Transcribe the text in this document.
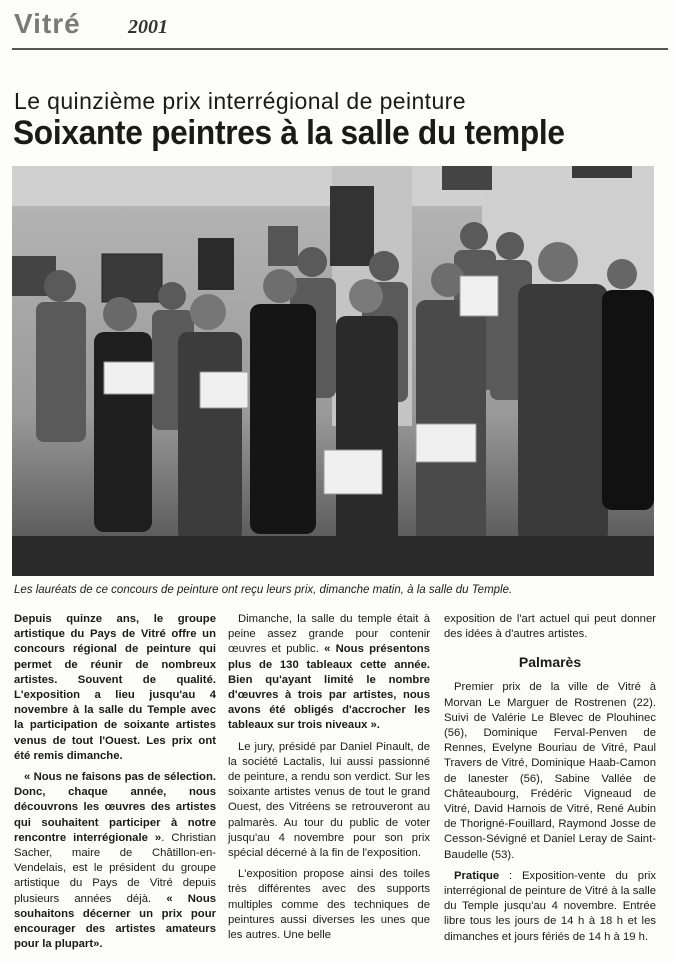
Vitré 2001
Le quinzième prix interrégional de peinture
Soixante peintres à la salle du temple
Les lauréats de ce concours de peinture ont reçu leurs prix, dimanche matin, à la salle du Temple.

Depuis quinze ans, le groupe artistique du Pays de Vitré offre un concours régional de peinture qui permet de réunir de nombreux artistes. Souvent de qualité. L'exposition a lieu jusqu'au 4 novembre à la salle du Temple avec la participation de soixante artistes venus de tout l'Ouest. Les prix ont été remis dimanche.

« Nous ne faisons pas de sélection. Donc, chaque année, nous découvrons les œuvres des artistes qui souhaitent participer à notre rencontre interrégionale ». Christian Sacher, maire de Châtillon-en-Vendelais, est le président du groupe artistique du Pays de Vitré depuis plusieurs années déjà. « Nous souhaitons décerner un prix pour encourager des artistes amateurs pour la plupart».

Dimanche, la salle du temple était à peine assez grande pour contenir œuvres et public. « Nous présentons plus de 130 tableaux cette année. Bien qu'ayant limité le nombre d'œuvres à trois par artistes, nous avons été obligés d'accrocher les tableaux sur trois niveaux ».

Le jury, présidé par Daniel Pinault, de la société Lactalis, lui aussi passionné de peinture, a rendu son verdict. Sur les soixante artistes venus de tout le grand Ouest, des Vitréens se retrouveront au palmarès. Au tour du public de voter jusqu'au 4 novembre pour son prix spécial décerné à la fin de l'exposition.

L'exposition propose ainsi des toiles très différentes avec des supports multiples comme des techniques de peintures aussi diverses les unes que les autres. Une belle

exposition de l'art actuel qui peut donner des idées à d'autres artistes.

Palmarès

Premier prix de la ville de Vitré à Morvan Le Marguer de Rostrenen (22). Suivi de Valérie Le Blevec de Plouhinec (56), Dominique Ferval-Penven de Rennes, Evelyne Bouriau de Vitré, Paul Travers de Vitré, Dominique Haab-Camon de lanester (56), Sabine Vallée de Châteaubourg, Frédéric Vigneaud de Vitré, David Harnois de Vitré, René Aubin de Thorigné-Fouillard, Raymond Josse de Cesson-Sévigné et Daniel Leray de Saint-Baudelle (53).

Pratique : Exposition-vente du prix interrégional de peinture de Vitré à la salle du Temple jusqu'au 4 novembre. Entrée libre tous les jours de 14 h à 18 h et les dimanches et jours fériés de 14 h à 19 h.
